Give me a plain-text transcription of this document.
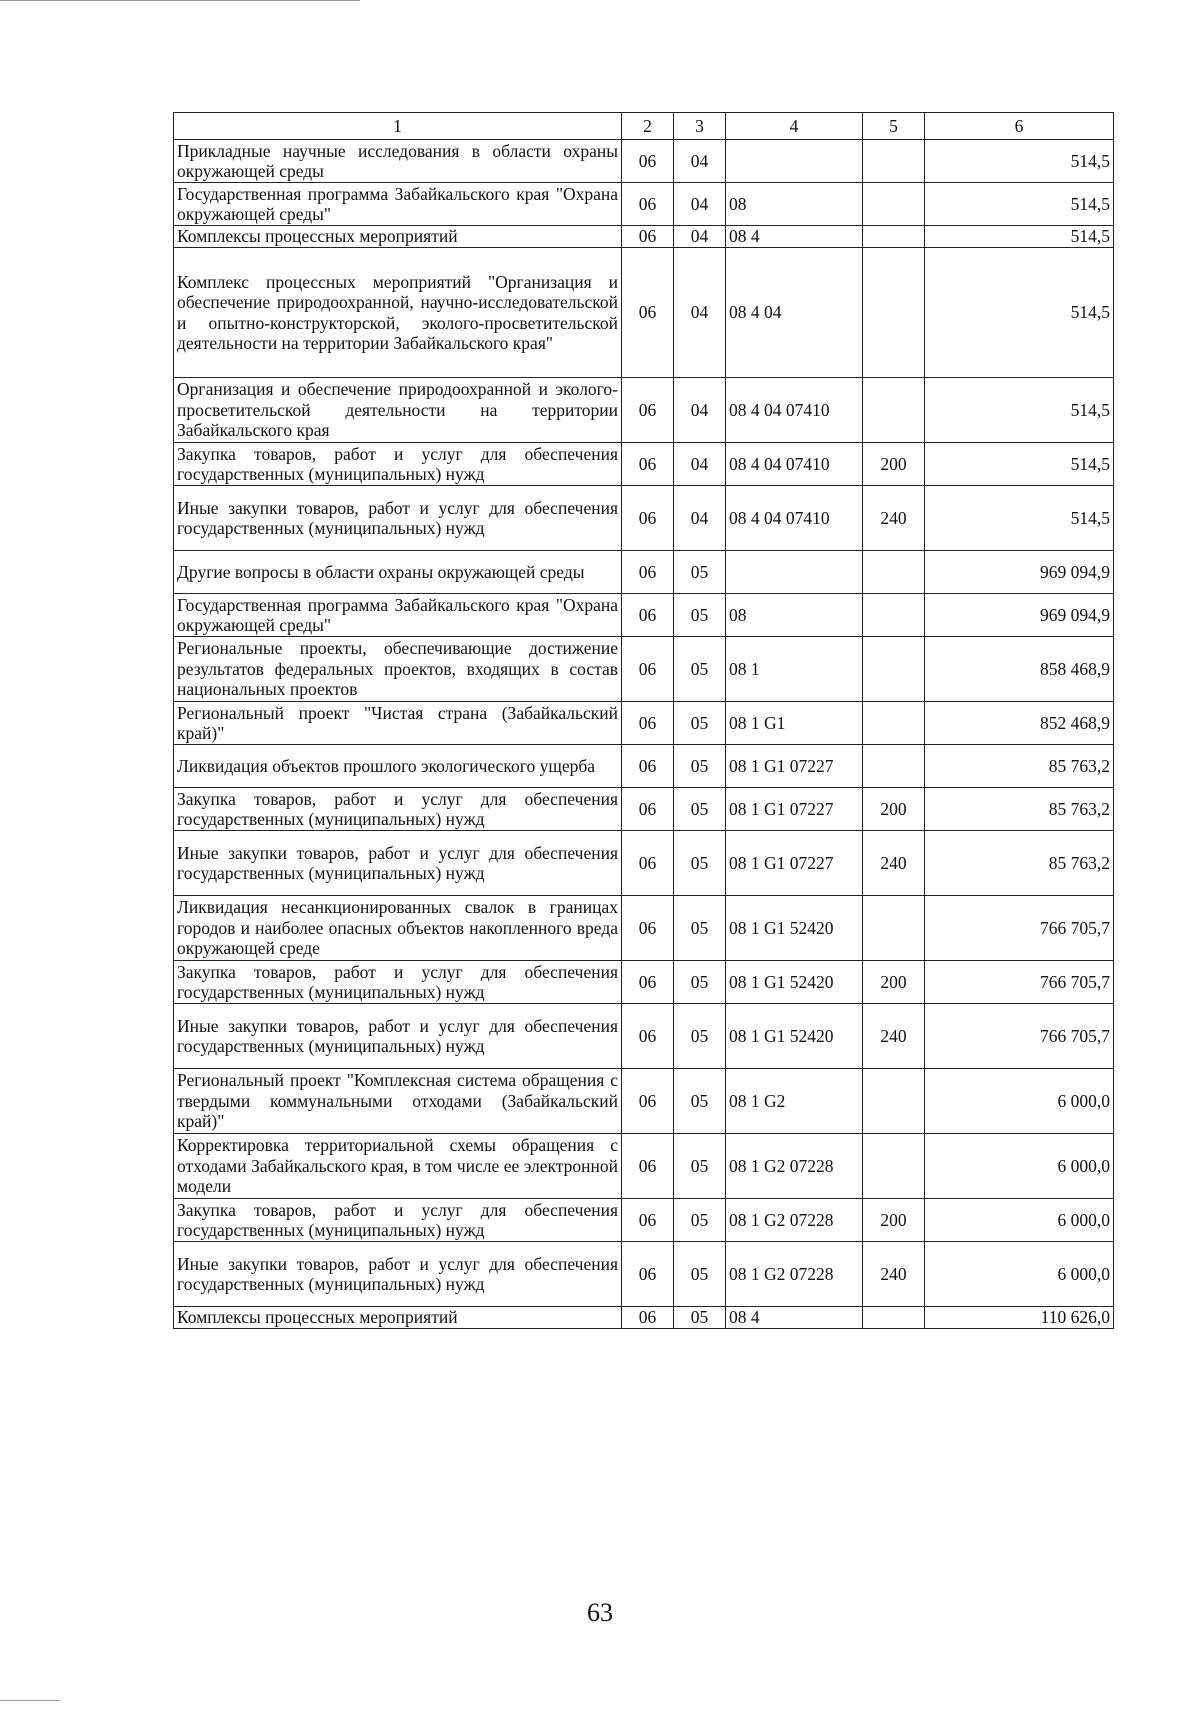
1	2	3	4	5	6
Прикладные научные исследования в области охраны окружающей среды	06	04			514,5
Государственная программа Забайкальского края "Охрана окружающей среды"	06	04	08		514,5
Комплексы процессных мероприятий	06	04	08 4		514,5
Комплекс процессных мероприятий "Организация и обеспечение природоохранной, научно-исследовательской и опытно-конструкторской, эколого-просветительской деятельности на территории Забайкальского края"	06	04	08 4 04		514,5
Организация и обеспечение природоохранной и эколого-просветительской деятельности на территории Забайкальского края	06	04	08 4 04 07410		514,5
Закупка товаров, работ и услуг для обеспечения государственных (муниципальных) нужд	06	04	08 4 04 07410	200	514,5
Иные закупки товаров, работ и услуг для обеспечения государственных (муниципальных) нужд	06	04	08 4 04 07410	240	514,5
Другие вопросы в области охраны окружающей среды	06	05			969 094,9
Государственная программа Забайкальского края "Охрана окружающей среды"	06	05	08		969 094,9
Региональные проекты, обеспечивающие достижение результатов федеральных проектов, входящих в состав национальных проектов	06	05	08 1		858 468,9
Региональный проект "Чистая страна (Забайкальский край)"	06	05	08 1 G1		852 468,9
Ликвидация объектов прошлого экологического ущерба	06	05	08 1 G1 07227		85 763,2
Закупка товаров, работ и услуг для обеспечения государственных (муниципальных) нужд	06	05	08 1 G1 07227	200	85 763,2
Иные закупки товаров, работ и услуг для обеспечения государственных (муниципальных) нужд	06	05	08 1 G1 07227	240	85 763,2
Ликвидация несанкционированных свалок в границах городов и наиболее опасных объектов накопленного вреда окружающей среде	06	05	08 1 G1 52420		766 705,7
Закупка товаров, работ и услуг для обеспечения государственных (муниципальных) нужд	06	05	08 1 G1 52420	200	766 705,7
Иные закупки товаров, работ и услуг для обеспечения государственных (муниципальных) нужд	06	05	08 1 G1 52420	240	766 705,7
Региональный проект "Комплексная система обращения с твердыми коммунальными отходами (Забайкальский край)"	06	05	08 1 G2		6 000,0
Корректировка территориальной схемы обращения с отходами Забайкальского края, в том числе ее электронной модели	06	05	08 1 G2 07228		6 000,0
Закупка товаров, работ и услуг для обеспечения государственных (муниципальных) нужд	06	05	08 1 G2 07228	200	6 000,0
Иные закупки товаров, работ и услуг для обеспечения государственных (муниципальных) нужд	06	05	08 1 G2 07228	240	6 000,0
Комплексы процессных мероприятий	06	05	08 4		110 626,0
63
